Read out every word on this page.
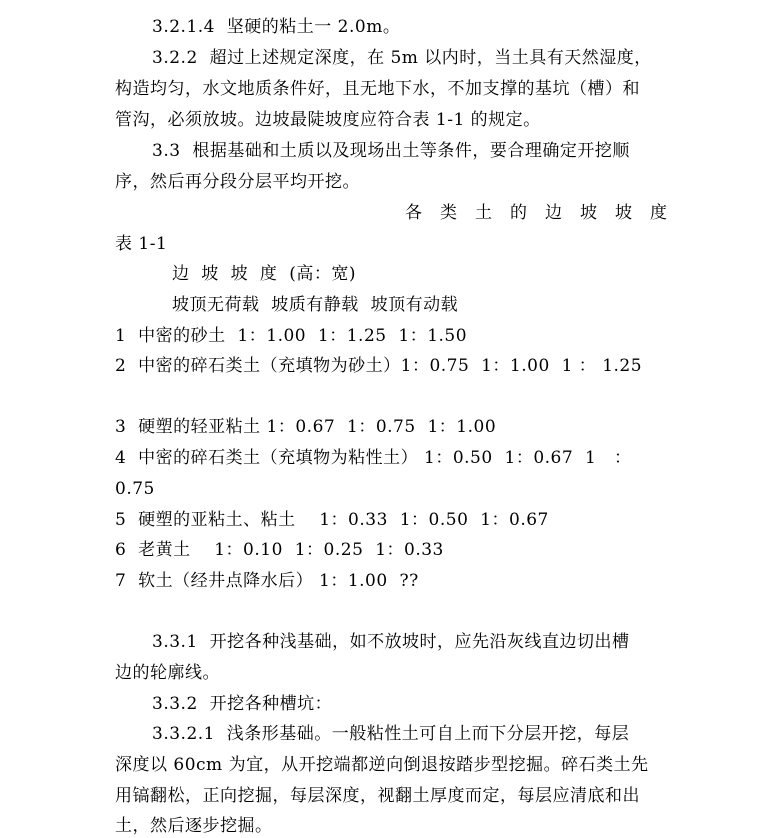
3.2.1.4  坚硬的粘土一 2.0m。
3.2.2  超过上述规定深度，在 5m 以内时，当土具有天然湿度，
构造均匀，水文地质条件好，且无地下水，不加支撑的基坑（槽）和
管沟，必须放坡。边坡最陡坡度应符合表 1-1 的规定。
3.3  根据基础和土质以及现场出土等条件，要合理确定开挖顺
序，然后再分段分层平均开挖。
各类土的边坡坡度
表 1-1
边  坡  坡  度  (高：宽)
坡顶无荷载  坡质有静载  坡顶有动载
1  中密的砂土  1：1.00  1：1.25  1：1.50
2  中密的碎石类土（充填物为砂土）1：0.75  1：1.00  1 ： 1.25
3  硬塑的轻亚粘土 1：0.67  1：0.75  1：1.00
4  中密的碎石类土（充填物为粘性土） 1：0.50  1：0.67  1   ：
0.75
5  硬塑的亚粘土、粘土    1：0.33  1：0.50  1：0.67
6  老黄土    1：0.10  1：0.25  1：0.33
7  软土（经井点降水后） 1：1.00  ??
3.3.1  开挖各种浅基础，如不放坡时，应先沿灰线直边切出槽
边的轮廓线。
3.3.2  开挖各种槽坑：
3.3.2.1  浅条形基础。一般粘性土可自上而下分层开挖，每层
深度以 60cm 为宜，从开挖端都逆向倒退按踏步型挖掘。碎石类土先
用镐翻松，正向挖掘，每层深度，视翻土厚度而定，每层应清底和出
土，然后逐步挖掘。
